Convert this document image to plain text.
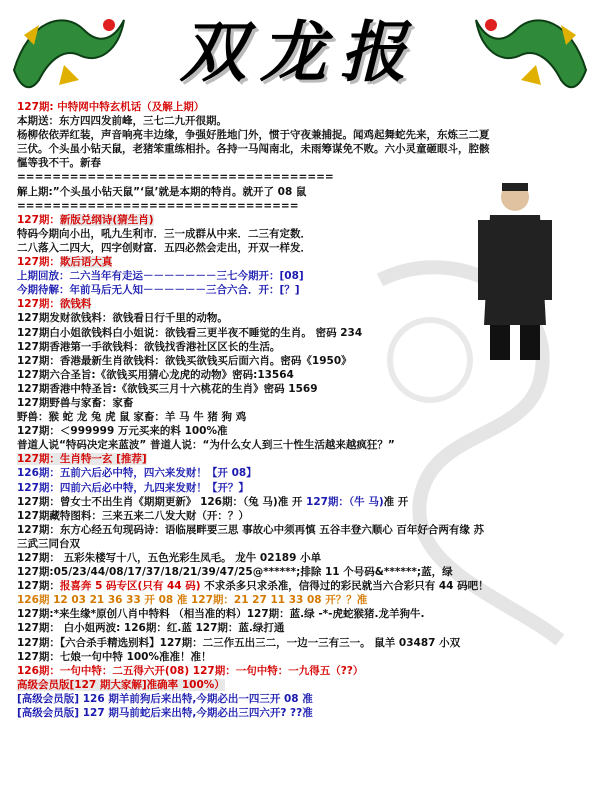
双龙报
127期: 中特网中特玄机话（及解上期）
本期送：东方四四发前峰，三七二九开很期。
杨柳依依弄红装，声音响亮丰边缘，争强好胜地门外，惯于守夜兼捕捉。闻鸡起舞蛇先来，东炼三二夏
三伏。个头虽小钻天鼠，老猪笨重练相扑。各持一马闯南北，未雨筹谋免不败。六小灵童砸眼斗，腔骸
慪等我不干。新春
====================================
解上期:”个头虽小钻天鼠”‘鼠’就是本期的特肖。就开了 08 鼠
================================
127期：新版兑纲诗(猜生肖)
特码今期向小出，吼九生利市．三一成群从中来．二三有定数．
二八落入二四大，四字创财富．五四必然会走出，开双一样发．
127期：欺后语大真
上期回放：二六当年有走运－－－－－－－三七今期开：[08]
今期待解：年前马后无人知－－－－－－三合六合．开：[？]
127期：欲钱料
127期发财欲钱料：欲钱看日行千里的动物。
127期白小姐欲钱料白小姐说：欲钱看三更半夜不睡觉的生肖。 密码 234
127期香港第一手欲钱料：欲钱找香港社区区长的生活。
127期：香港最新生肖欲钱料：欲钱买欲钱买后面六肖。密码《1950》
127期六合圣旨:《欲钱买用猜心龙虎的动物》密码:13564
127期香港中特圣旨:《欲钱买三月十六桃花的生肖》密码 1569
127期野兽与家畜：家畜
野兽：猴 蛇 龙 兔 虎 鼠 家畜：羊 马 牛 猪 狗 鸡
127期：＜999999 万元买来的料 100%准
普道人说“特码决定来蓝波” 普道人说：“为什么女人到三十性生活越来越疯狂？”
127期：生肖特一玄 [推荐]
126期：五前六后必中特，四六来发财！【开 08】
127期：四前六后必中特，九四来发财！【开？】
127期：曾女士不出生肖《期期更新》 126期：（兔 马)准 开 127期：（牛 马)准 开
127期藏特图料：三来五来二八发大财（开：？）
127期：东方心经五句现码诗：语临展畔要三思 事故心中须再慎 五谷丰登六顺心 百年好合两有缘 苏
三武三同台双
127期： 五彩朱楼写十八，五色光彩生凤毛。 龙牛 02189 小单
127期:05/23/44/08/17/37/18/21/39/47/25@******;排除 11 个号码&******;蓝，绿
127期：报喜奔 5 码专区(只有 44 码) 不求杀多只求杀准，信得过的彩民就当六合彩只有 44 码吧！
126期 12 03 21 36 33 开 08 准 127期：21 27 11 33 08 开？？准
127期:*来生缘*原创八肖中特料 （相当准的料）127期：蓝.绿 -*-虎蛇猴猪.龙羊狗牛.
127期： 白小姐两波: 126期：红.蓝 127期：蓝.绿打通
127期：【六合杀手精选别料】127期：二三作五出三二，一边一三有三一。 鼠羊 03487 小双
127期：七娘一句中特 100%准准！准！
126期：一句中特：二五得六开(08) 127期：一句中特：一九得五（??）
高级会员版[127 期大家解]准确率 100%）
[高级会员版] 126 期羊前狗后来出特,今期必出一四三开 08 准
[高级会员版] 127 期马前蛇后来出特,今期必出三四六开? ??准
